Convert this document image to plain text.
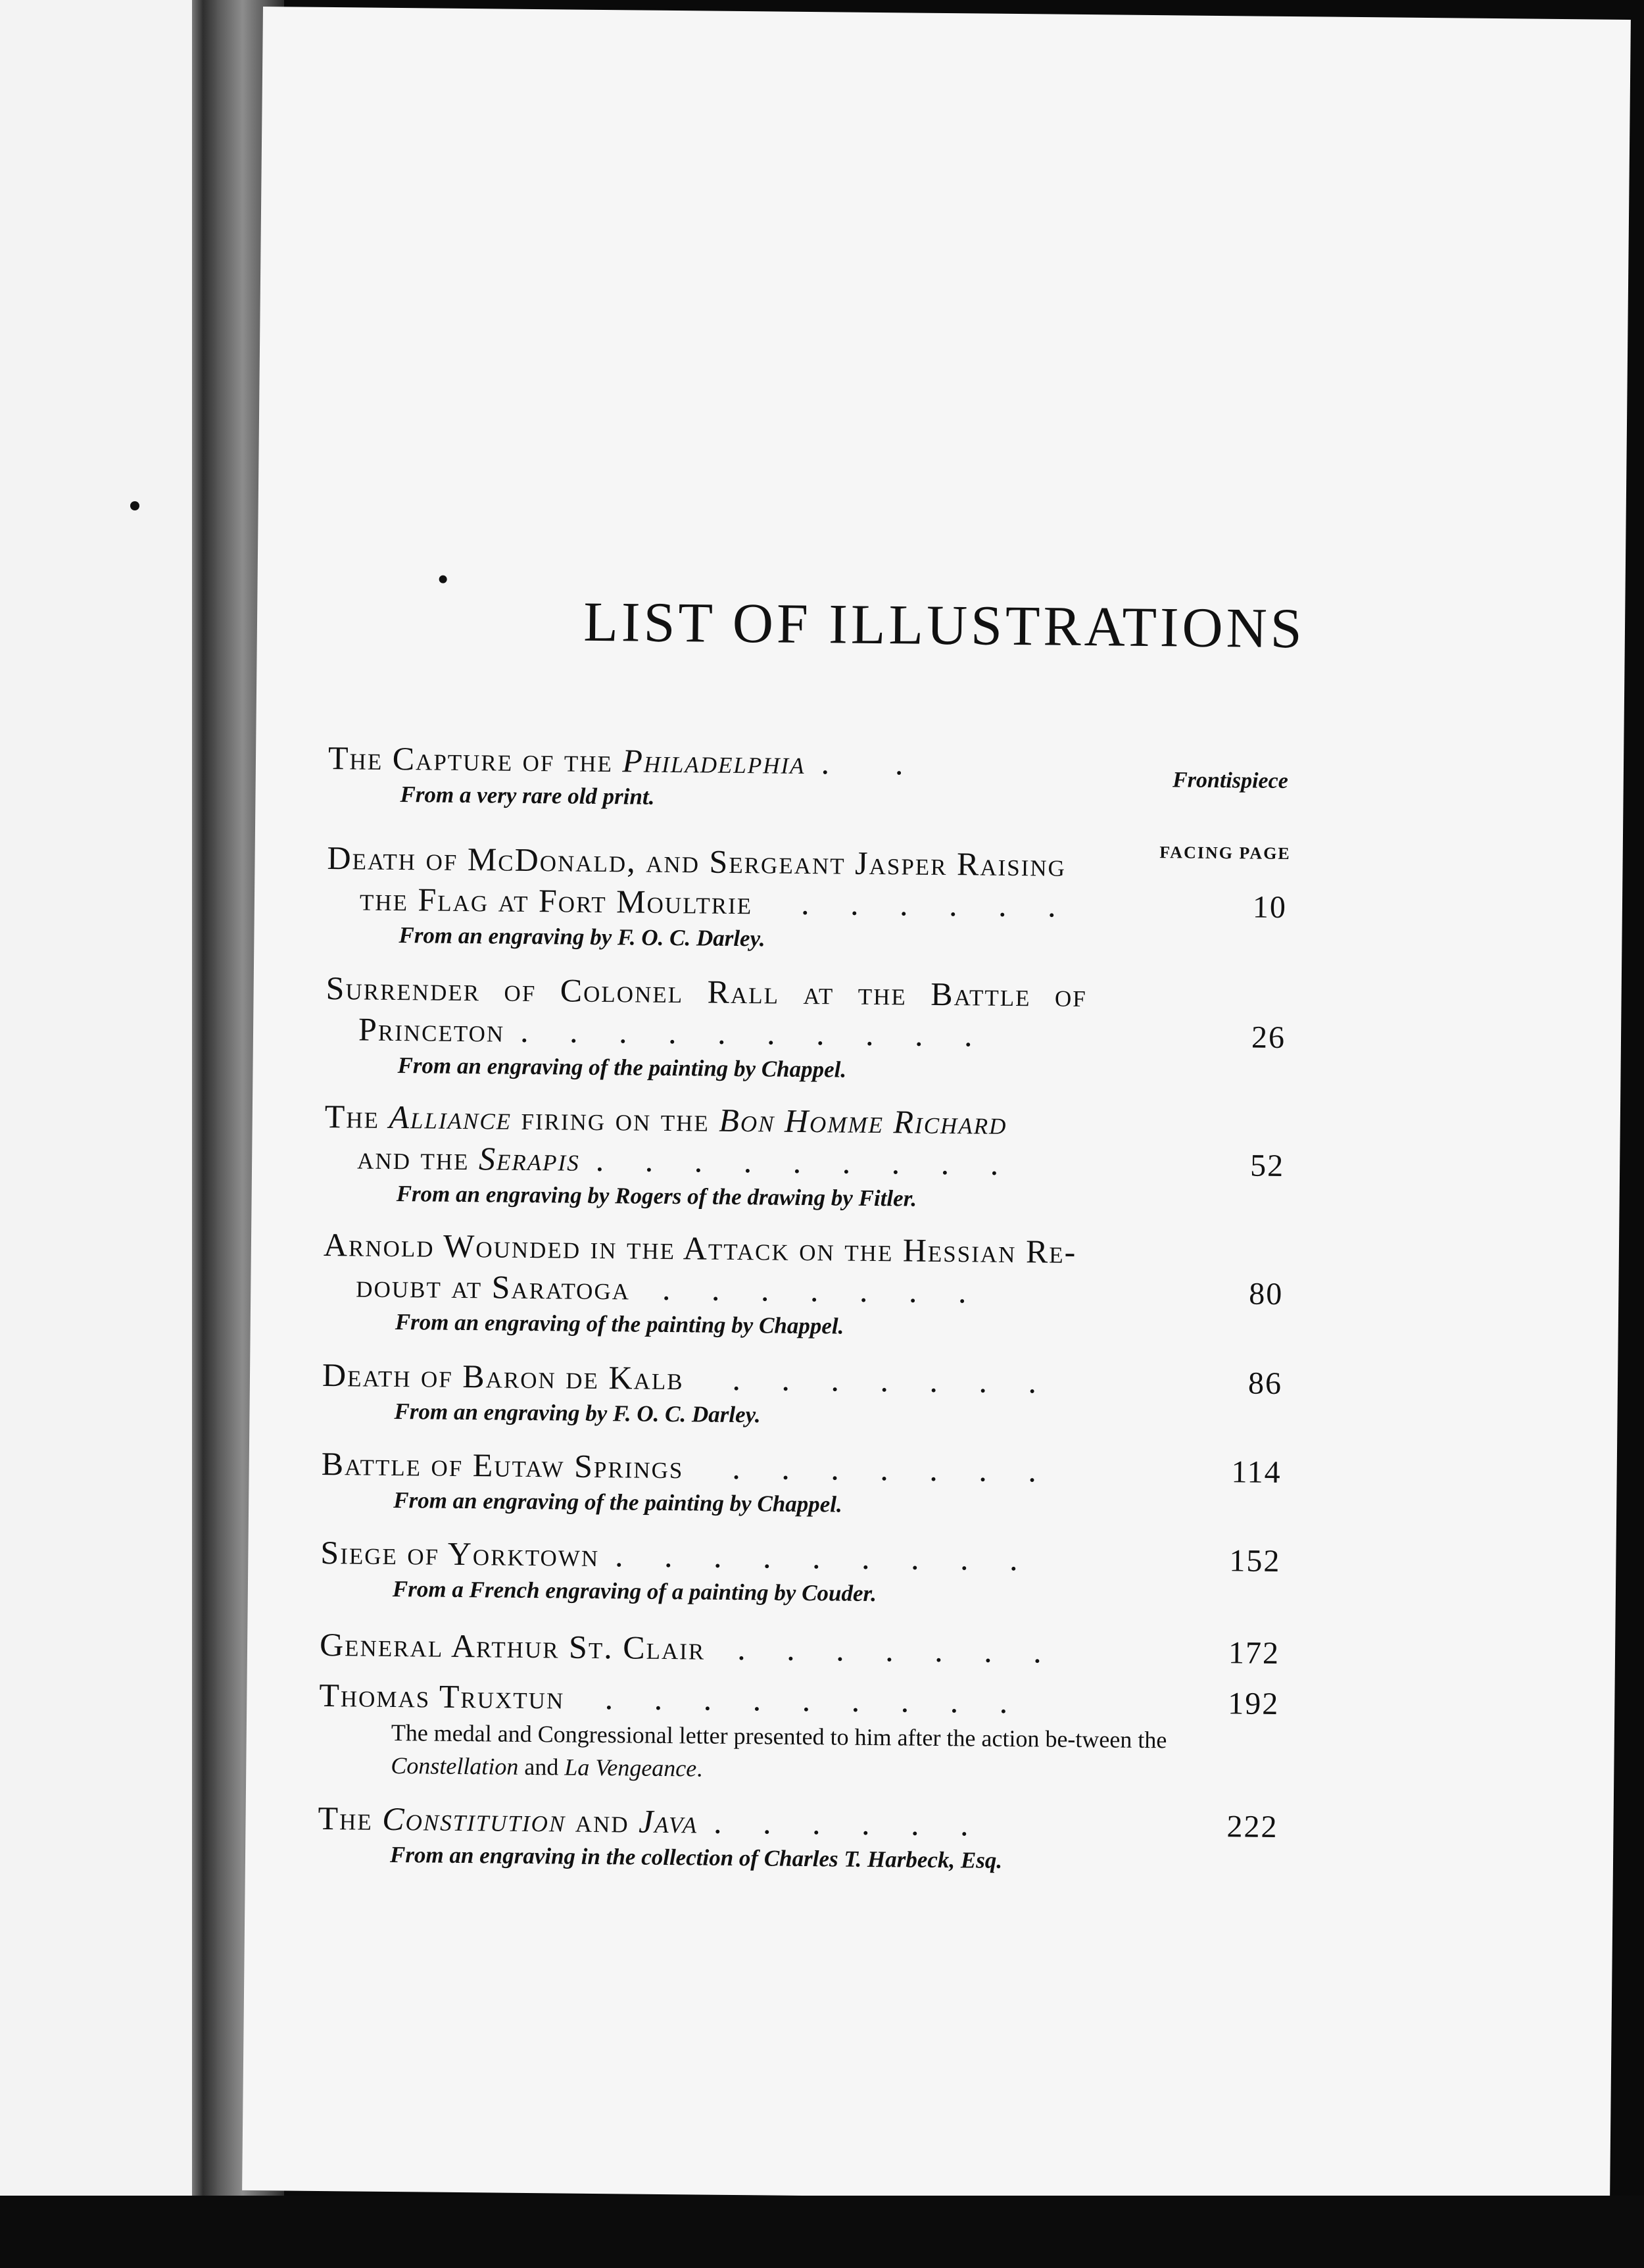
LIST OF ILLUSTRATIONS
The Capture of the Philadelphia .        .	Frontispiece
From a very rare old print.
FACING PAGE
Death of McDonald, and Sergeant Jasper Raising
the Flag at Fort Moultrie    .     .     .     .     .     .	10
From an engraving by F. O. C. Darley.
Surrender of Colonel Rall at the Battle of
Princeton .     .     .     .     .     .     .     .     .     .	26
From an engraving of the painting by Chappel.
The Alliance firing on the Bon Homme Richard
and the Serapis .     .     .     .     .     .     .     .     .	52
From an engraving by Rogers of the drawing by Fitler.
Arnold Wounded in the Attack on the Hessian Re-
doubt at Saratoga  .     .     .     .     .     .     .	80
From an engraving of the painting by Chappel.
Death of Baron de Kalb    .     .     .     .     .     .     .	86
From an engraving by F. O. C. Darley.
Battle of Eutaw Springs    .     .     .     .     .     .     .	114
From an engraving of the painting by Chappel.
Siege of Yorktown .     .     .     .     .     .     .     .     .	152
From a French engraving of a painting by Couder.
General Arthur St. Clair  .     .     .     .     .     .     .	172
Thomas Truxtun   .     .     .     .     .     .     .     .     .	192
The medal and Congressional letter presented to him after the action be-tween the Constellation and La Vengeance.
The Constitution and Java .     .     .     .     .     .	222
From an engraving in the collection of Charles T. Harbeck, Esq.
